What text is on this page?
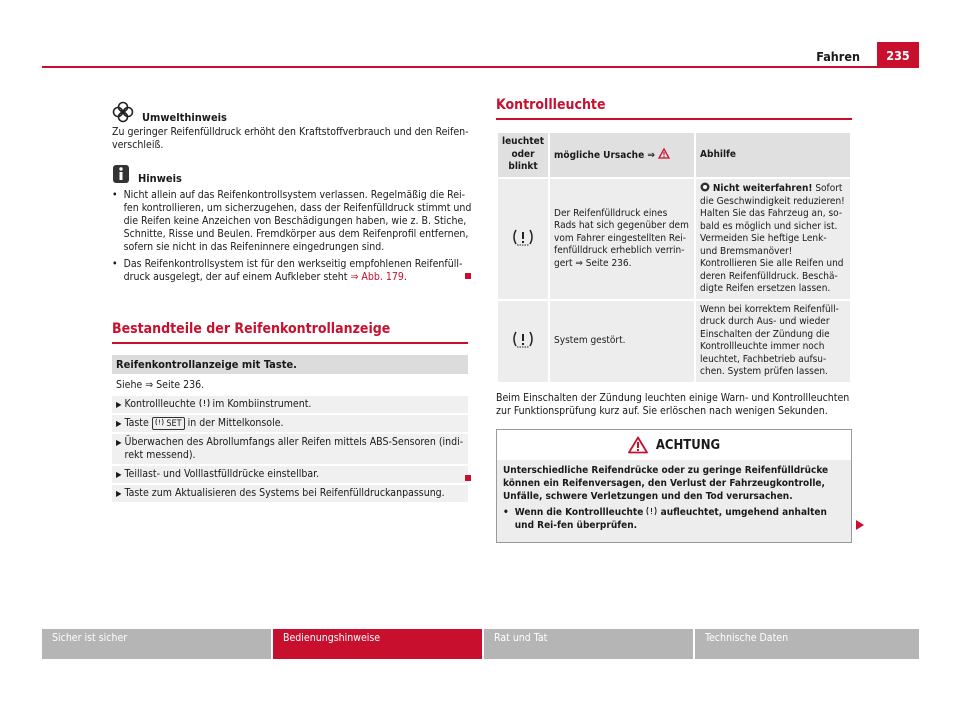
Fahren	235
Umwelthinweis

Zu geringer Reifenfülldruck erhöht den Kraftstoffverbrauch und den Reifen-verschleiß.

Hinweis
• Nicht allein auf das Reifenkontrollsystem verlassen. Regelmäßig die Rei-fen kontrollieren, um sicherzugehen, dass der Reifenfülldruck stimmt und die Reifen keine Anzeichen von Beschädigungen haben, wie z. B. Stiche, Schnitte, Risse und Beulen. Fremdkörper aus dem Reifenprofil entfernen, sofern sie nicht in das Reifeninnere eingedrungen sind.
• Das Reifenkontrollsystem ist für den werkseitig empfohlenen Reifenfüll-druck ausgelegt, der auf einem Aufkleber steht ⇒ Abb. 179.
Bestandteile der Reifenkontrollanzeige
Reifenkontrollanzeige mit Taste.
Siehe ⇒ Seite 236.
▶ Kontrollleuchte im Kombiinstrument.
▶ Taste SET in der Mittelkonsole.
▶ Überwachen des Abrollumfangs aller Reifen mittels ABS-Sensoren (indi-rekt messend).
▶ Teillast- und Volllastfülldrücke einstellbar.
▶ Taste zum Aktualisieren des Systems bei Reifenfülldruckanpassung.
Kontrollleuchte
leuchtet oder blinkt	mögliche Ursache ⇒	Abhilfe
	Der Reifenfülldruck eines Rads hat sich gegenüber dem vom Fahrer eingestellten Rei-fenfülldruck erheblich verrin-gert ⇒ Seite 236.	Nicht weiterfahren! Sofort die Geschwindigkeit reduzieren! Halten Sie das Fahrzeug an, so-bald es möglich und sicher ist. Vermeiden Sie heftige Lenk- und Bremsmanöver! Kontrollieren Sie alle Reifen und deren Reifenfülldruck. Beschä-digte Reifen ersetzen lassen.
	System gestört.	Wenn bei korrektem Reifenfüll-druck durch Aus- und wieder Einschalten der Zündung die Kontrollleuchte immer noch leuchtet, Fachbetrieb aufsu-chen. System prüfen lassen.

Beim Einschalten der Zündung leuchten einige Warn- und Kontrollleuchten zur Funktionsprüfung kurz auf. Sie erlöschen nach wenigen Sekunden.

ACHTUNG

Unterschiedliche Reifendrücke oder zu geringe Reifenfülldrücke können ein Reifenversagen, den Verlust der Fahrzeugkontrolle, Unfälle, schwere Verletzungen und den Tod verursachen.

• Wenn die Kontrollleuchte aufleuchtet, umgehend anhalten und Rei-fen überprüfen.
Sicher ist sicher	Bedienungshinweise	Rat und Tat	Technische Daten
